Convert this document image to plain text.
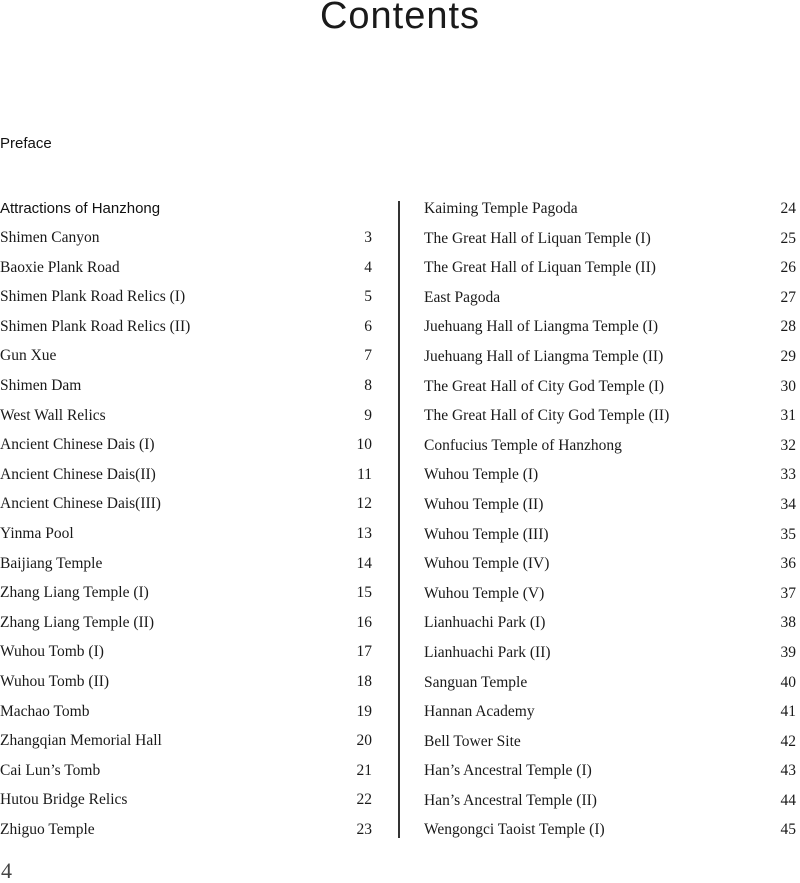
Contents
Preface
Attractions of Hanzhong
Shimen Canyon	3
Baoxie Plank Road	4
Shimen Plank Road Relics (I)	5
Shimen Plank Road Relics (II)	6
Gun Xue	7
Shimen Dam	8
West Wall Relics	9
Ancient Chinese Dais (I)	10
Ancient Chinese Dais(II)	11
Ancient Chinese Dais(III)	12
Yinma Pool	13
Baijiang Temple	14
Zhang Liang Temple (I)	15
Zhang Liang Temple (II)	16
Wuhou Tomb (I)	17
Wuhou Tomb (II)	18
Machao Tomb	19
Zhangqian Memorial Hall	20
Cai Lun’s Tomb	21
Hutou Bridge Relics	22
Zhiguo Temple	23
Kaiming Temple Pagoda	24
The Great Hall of Liquan Temple (I)	25
The Great Hall of Liquan Temple (II)	26
East Pagoda	27
Juehuang Hall of Liangma Temple (I)	28
Juehuang Hall of Liangma Temple (II)	29
The Great Hall of City God Temple (I)	30
The Great Hall of City God Temple (II)	31
Confucius Temple of Hanzhong	32
Wuhou Temple (I)	33
Wuhou Temple (II)	34
Wuhou Temple (III)	35
Wuhou Temple (IV)	36
Wuhou Temple (V)	37
Lianhuachi Park (I)	38
Lianhuachi Park (II)	39
Sanguan Temple	40
Hannan Academy	41
Bell Tower Site	42
Han’s Ancestral Temple (I)	43
Han’s Ancestral Temple (II)	44
Wengongci Taoist Temple (I)	45
4
